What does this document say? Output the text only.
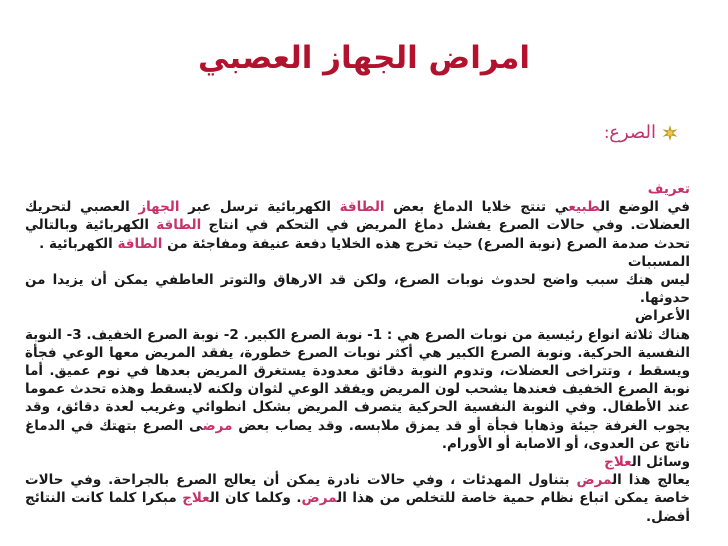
امراض الجهاز العصبي
الصرع:

تعريف

في الوضع الطبيعي تنتج خلايا الدماغ بعض الطاقة الكهربائية ترسل عبر الجهاز العصبي لتحريك العضلات. وفي حالات الصرع يفشل دماغ المريض في التحكم في انتاج الطاقة الكهربائية وبالتالي تحدث صدمة الصرع (نوبة الصرع) حيث تخرج هذه الخلايا دفعة عنيفة ومفاجئة من الطاقة الكهربائية .

المسببات

ليس هنك سبب واضح لحدوث نوبات الصرع، ولكن قد الارهاق والتوتر العاطفي يمكن أن يزيدا من حدوثها.

الأعراض

هناك ثلاثة انواع رئيسية من نوبات الصرع هي : 1- نوبة الصرع الكبير. 2- نوبة الصرع الخفيف. 3- النوبة النفسية الحركية. ونوبة الصرع الكبير هي أكثر نوبات الصرع خطورة، يفقد المريض معها الوعي فجأة ويسقط ، وتتراخى العضلات، وتدوم النوبة دقائق معدودة يستغرق المريض بعدها في نوم عميق. أما نوبة الصرع الخفيف فعندها يشحب لون المريض ويفقد الوعي لثوان ولكنه لايسقط وهذه تحدث عموما عند الأطفال. وفي النوبة النفسية الحركية يتصرف المريض بشكل انطوائي وغريب لعدة دقائق، وقد يجوب الغرفة جيئة وذهابا فجأة أو قد يمزق ملابسه. وقد يصاب بعض مرضى الصرع بتهتك في الدماغ ناتج عن العدوى، أو الاصابة أو الأورام.

وسائل العلاج

يعالج هذا المرض بتناول المهدئات ، وفي حالات نادرة يمكن أن يعالج الصرع بالجراحة. وفي حالات خاصة يمكن اتباع نظام حمية خاصة للتخلص من هذا المرض. وكلما كان العلاج مبكرا كلما كانت النتائج أفضل.
